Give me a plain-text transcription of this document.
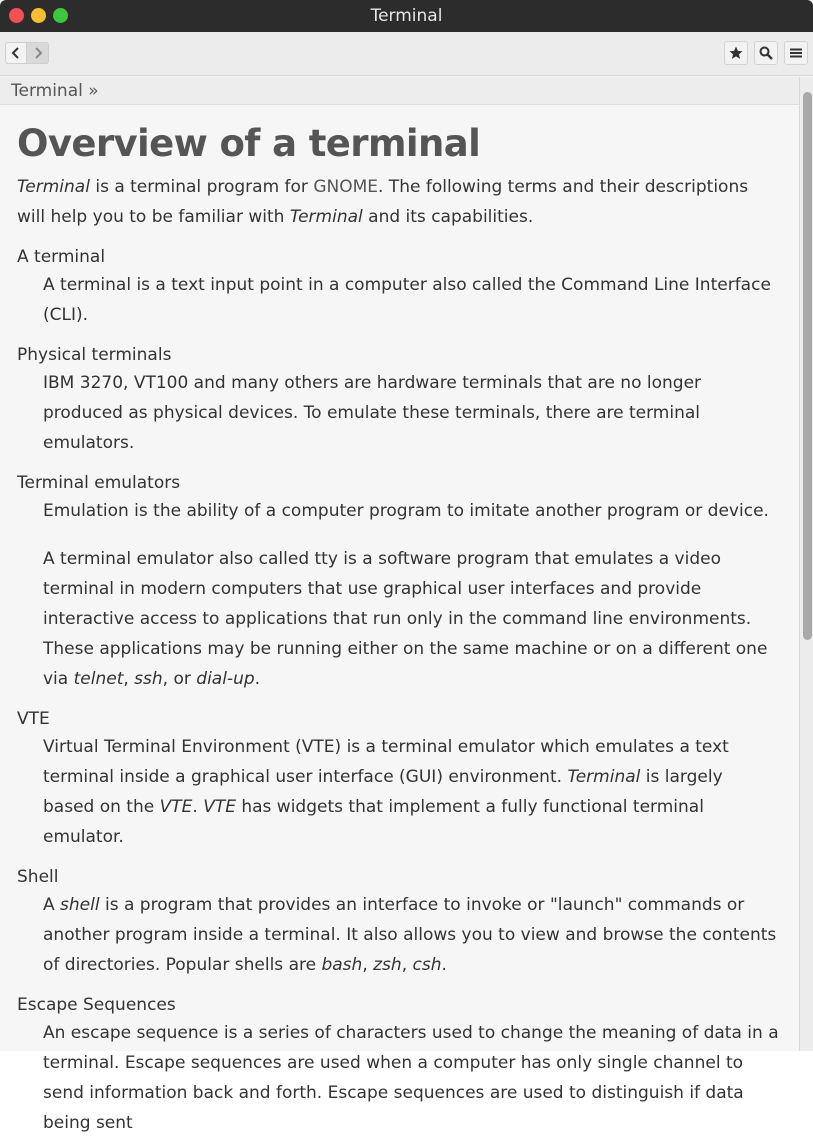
Terminal
Terminal »
Overview of a terminal

Terminal is a terminal program for GNOME. The following terms and their descriptions will help you to be familiar with Terminal and its capabilities.

A terminal

A terminal is a text input point in a computer also called the Command Line Interface (CLI).

Physical terminals

IBM 3270, VT100 and many others are hardware terminals that are no longer produced as physical devices. To emulate these terminals, there are terminal emulators.

Terminal emulators

Emulation is the ability of a computer program to imitate another program or device.

A terminal emulator also called tty is a software program that emulates a video terminal in modern computers that use graphical user interfaces and provide interactive access to applications that run only in the command line environments. These applications may be running either on the same machine or on a different one via telnet, ssh, or dial-up.

VTE

Virtual Terminal Environment (VTE) is a terminal emulator which emulates a text terminal inside a graphical user interface (GUI) environment. Terminal is largely based on the VTE. VTE has widgets that implement a fully functional terminal emulator.

Shell

A shell is a program that provides an interface to invoke or "launch" commands or another program inside a terminal. It also allows you to view and browse the contents of directories. Popular shells are bash, zsh, csh.

Escape Sequences

An escape sequence is a series of characters used to change the meaning of data in a terminal. Escape sequences are used when a computer has only single channel to send information back and forth. Escape sequences are used to distinguish if data being sent
